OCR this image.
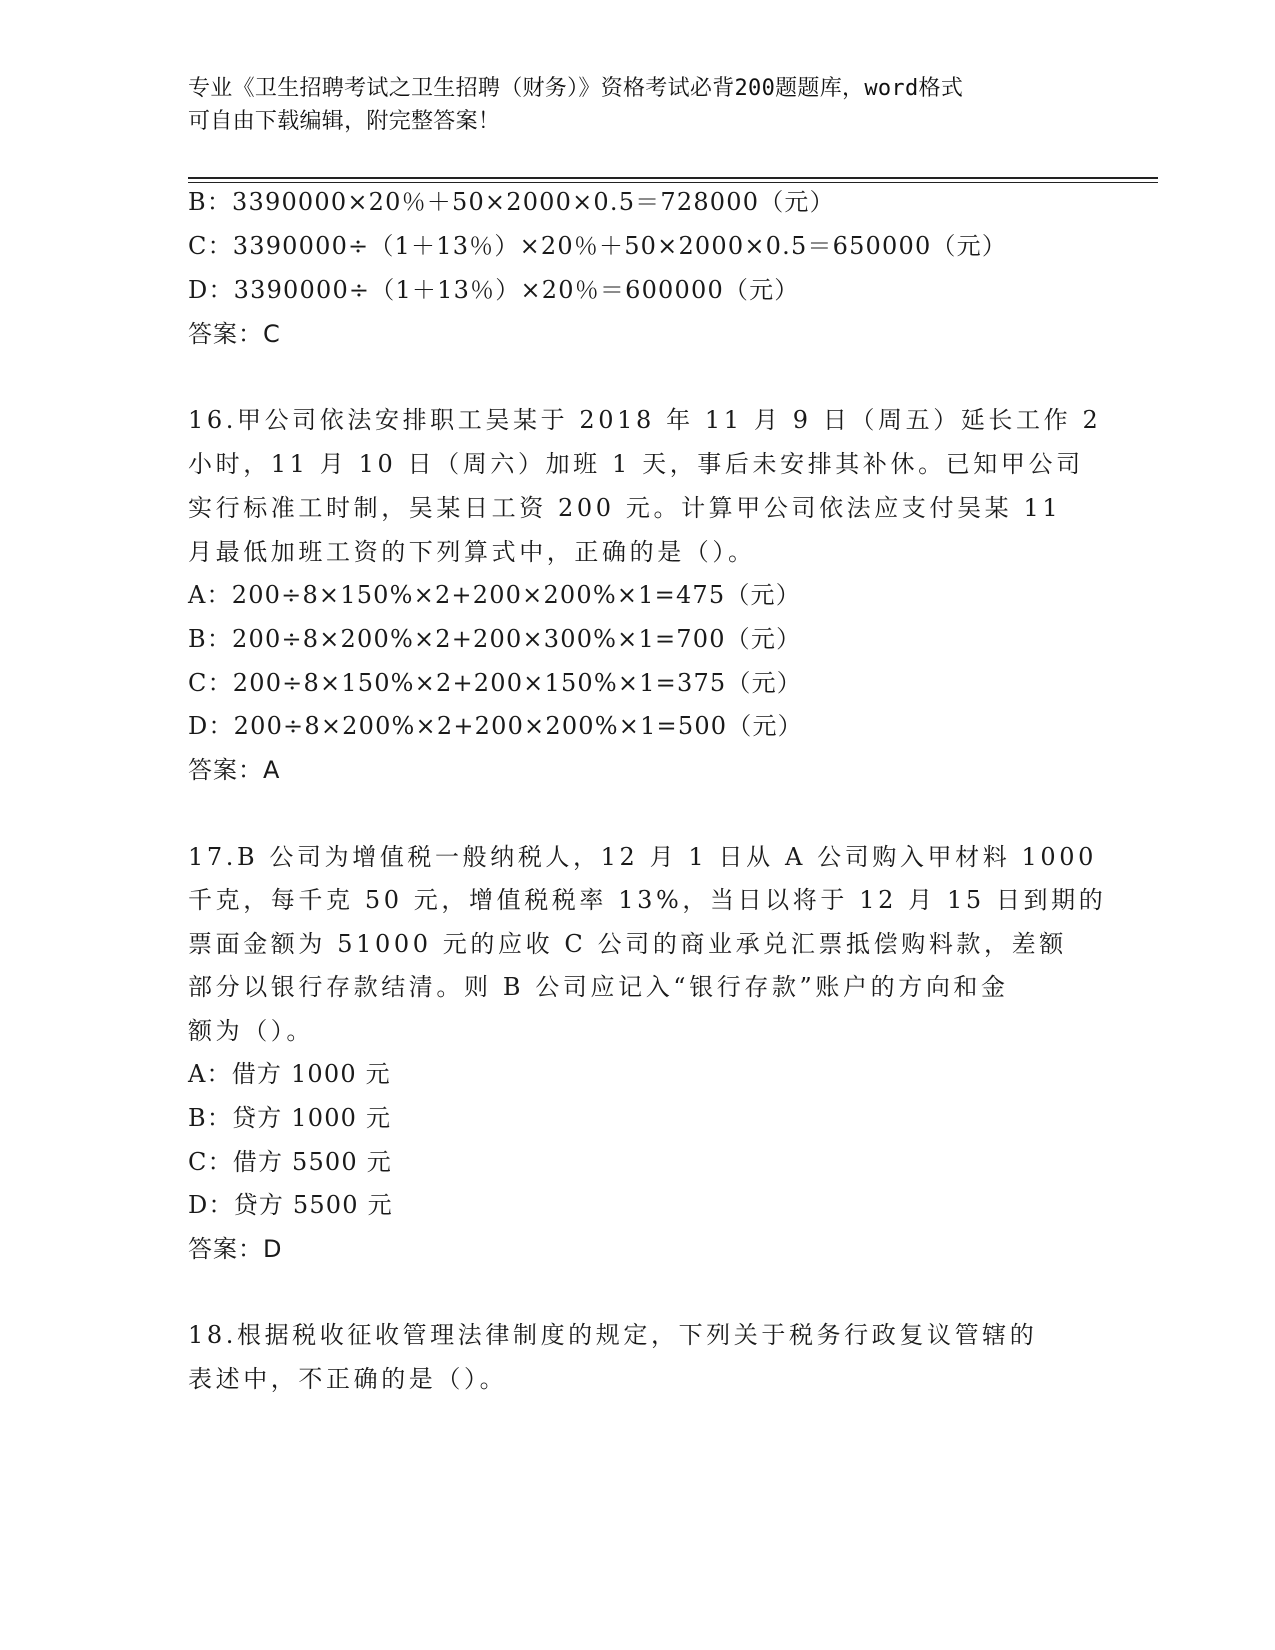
专业《卫生招聘考试之卫生招聘（财务）》资格考试必背200题题库，word格式
可自由下载编辑，附完整答案！
B：3390000×20％＋50×2000×0.5＝728000（元）
C：3390000÷（1＋13％）×20％＋50×2000×0.5＝650000（元）
D：3390000÷（1＋13％）×20％＝600000（元）
答案：C
16.甲公司依法安排职工吴某于 2018 年 11 月 9 日（周五）延长工作 2
小时，11 月 10 日（周六）加班 1 天，事后未安排其补休。已知甲公司
实行标准工时制，吴某日工资 200 元。计算甲公司依法应支付吴某 11
月最低加班工资的下列算式中，正确的是（）。
A：200÷8×150%×2+200×200%×1=475（元）
B：200÷8×200%×2+200×300%×1=700（元）
C：200÷8×150%×2+200×150%×1=375（元）
D：200÷8×200%×2+200×200%×1=500（元）
答案：A
17.B 公司为增值税一般纳税人，12 月 1 日从 A 公司购入甲材料 1000
千克，每千克 50 元，增值税税率 13%，当日以将于 12 月 15 日到期的
票面金额为 51000 元的应收 C 公司的商业承兑汇票抵偿购料款，差额
部分以银行存款结清。则 B 公司应记入“银行存款”账户的方向和金
额为（）。
A：借方 1000 元
B：贷方 1000 元
C：借方 5500 元
D：贷方 5500 元
答案：D
18.根据税收征收管理法律制度的规定，下列关于税务行政复议管辖的
表述中，不正确的是（）。
